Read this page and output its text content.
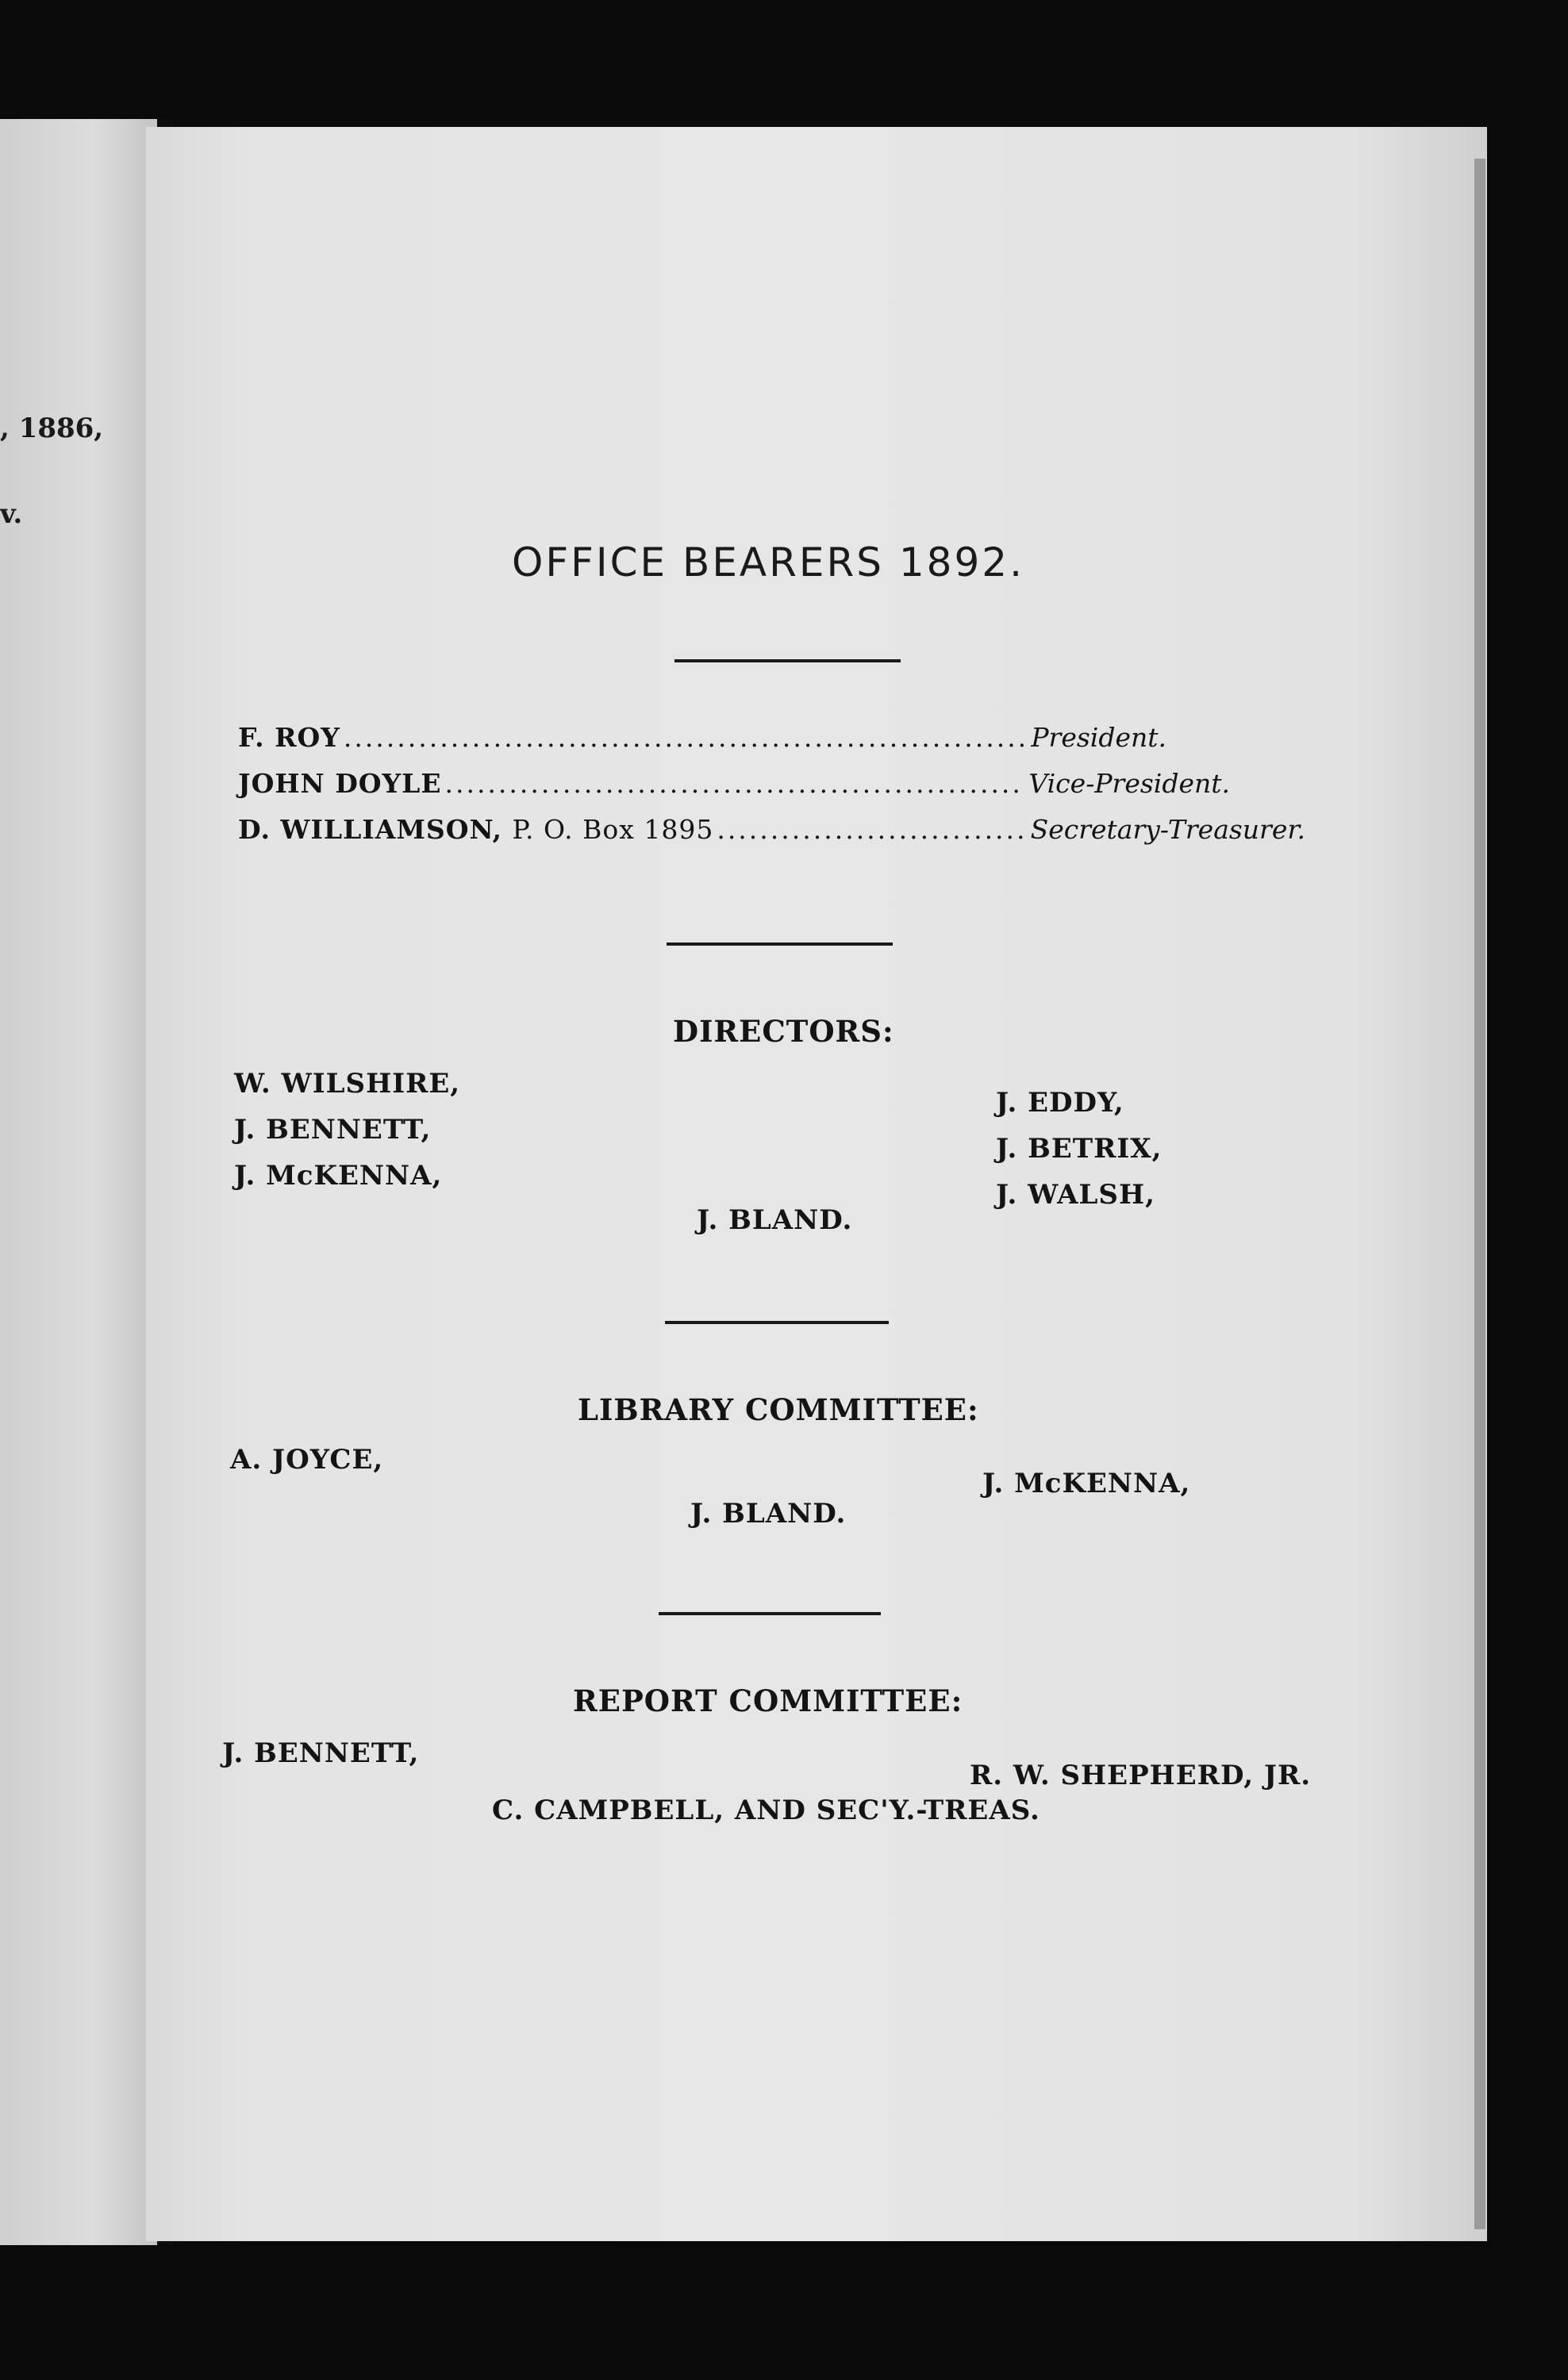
, 1886,
v.
OFFICE BEARERS 1892.
F. ROY .....	President.
JOHN DOYLE .....	Vice-President.
D. WILLIAMSON, P. O. Box 1895 .....	Secretary-Treasurer.
DIRECTORS:
W. WILSHIRE,
J. BENNETT,
J. McKENNA,
J. EDDY,
J. BETRIX,
J. WALSH,
J. BLAND.
LIBRARY COMMITTEE:
A. JOYCE,
J. McKENNA,
J. BLAND.
REPORT COMMITTEE:
J. BENNETT,
R. W. SHEPHERD, JR.
C. CAMPBELL, AND SEC'Y.-TREAS.
